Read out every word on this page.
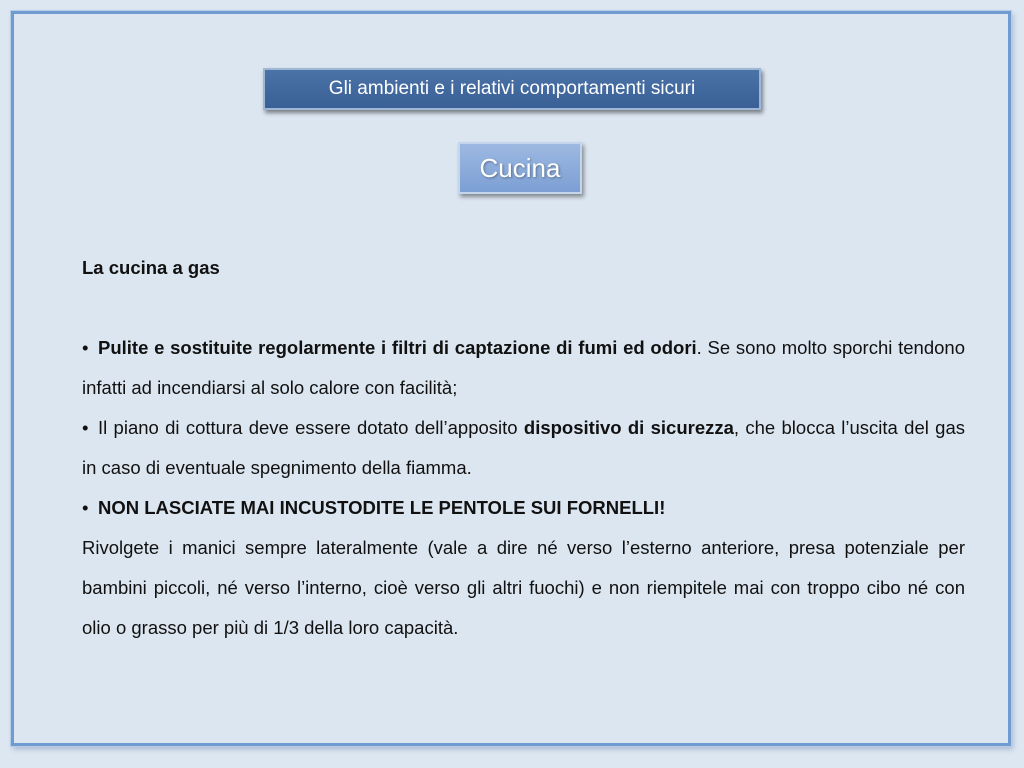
Gli ambienti e i relativi comportamenti sicuri
Cucina

La cucina a gas

• Pulite e sostituite regolarmente i filtri di captazione di fumi ed odori. Se sono molto sporchi tendono infatti ad incendiarsi al solo calore con facilità;

• Il piano di cottura deve essere dotato dell’apposito dispositivo di sicurezza, che blocca l’uscita del gas in caso di eventuale spegnimento della fiamma.

• NON LASCIATE MAI INCUSTODITE LE PENTOLE SUI FORNELLI!

Rivolgete i manici sempre lateralmente (vale a dire né verso l’esterno anteriore, presa potenziale per bambini piccoli, né verso l’interno, cioè verso gli altri fuochi) e non riempitele mai con troppo cibo né con olio o grasso per più di 1/3 della loro capacità.
